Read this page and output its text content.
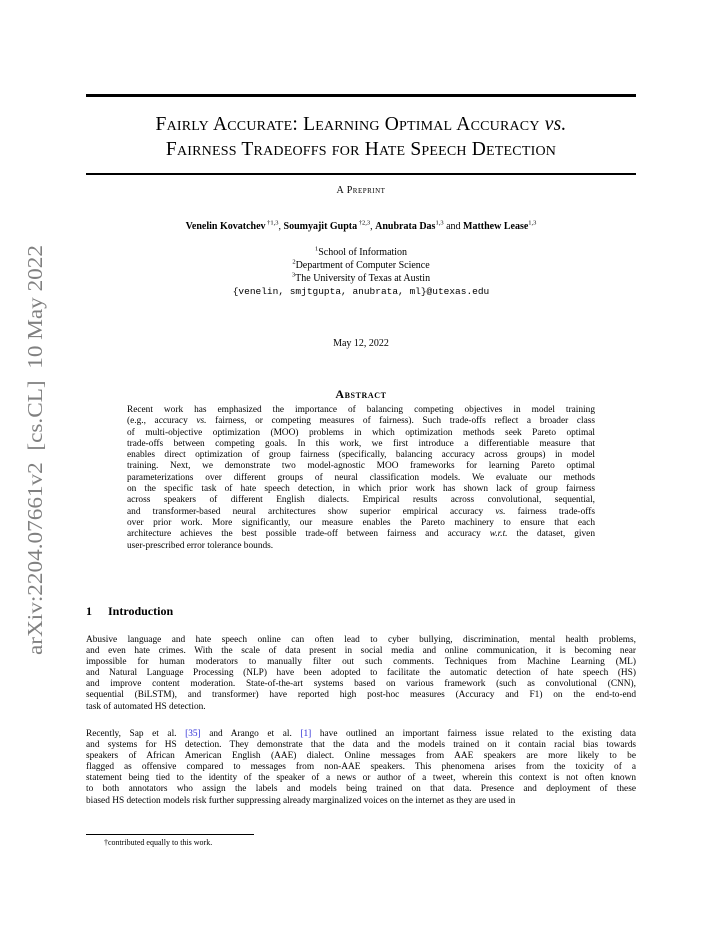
arXiv:2204.07661v2  [cs.CL]  10 May 2022
Fairly Accurate: Learning Optimal Accuracy vs.
Fairness Tradeoffs for Hate Speech Detection
A Preprint
Venelin Kovatchev $^{\dagger 1,3}$, Soumyajit Gupta $^{\dagger 2,3}$, Anubrata Das$^{1,3}$ and Matthew Lease$^{1,3}$
$^1$School of Information
$^2$Department of Computer Science
$^3$The University of Texas at Austin
{venelin, smjtgupta, anubrata, ml}@utexas.edu
May 12, 2022
Abstract
Recent work has emphasized the importance of balancing competing objectives in model training
(e.g., accuracy vs. fairness, or competing measures of fairness). Such trade-offs reflect a broader class
of multi-objective optimization (MOO) problems in which optimization methods seek Pareto optimal
trade-offs between competing goals. In this work, we first introduce a differentiable measure that
enables direct optimization of group fairness (specifically, balancing accuracy across groups) in model
training. Next, we demonstrate two model-agnostic MOO frameworks for learning Pareto optimal
parameterizations over different groups of neural classification models. We evaluate our methods
on the specific task of hate speech detection, in which prior work has shown lack of group fairness
across speakers of different English dialects. Empirical results across convolutional, sequential,
and transformer-based neural architectures show superior empirical accuracy vs. fairness trade-offs
over prior work. More significantly, our measure enables the Pareto machinery to ensure that each
architecture achieves the best possible trade-off between fairness and accuracy w.r.t. the dataset, given
user-prescribed error tolerance bounds.
1 Introduction
Abusive language and hate speech online can often lead to cyber bullying, discrimination, mental health problems,
and even hate crimes. With the scale of data present in social media and online communication, it is becoming near
impossible for human moderators to manually filter out such comments. Techniques from Machine Learning (ML)
and Natural Language Processing (NLP) have been adopted to facilitate the automatic detection of hate speech (HS)
and improve content moderation. State-of-the-art systems based on various framework (such as convolutional (CNN),
sequential (BiLSTM), and transformer) have reported high post-hoc measures (Accuracy and F1) on the end-to-end
task of automated HS detection.
Recently, Sap et al. [35] and Arango et al. [1] have outlined an important fairness issue related to the existing data
and systems for HS detection. They demonstrate that the data and the models trained on it contain racial bias towards
speakers of African American English (AAE) dialect. Online messages from AAE speakers are more likely to be
flagged as offensive compared to messages from non-AAE speakers. This phenomena arises from the toxicity of a
statement being tied to the identity of the speaker of a news or author of a tweet, wherein this context is not often known
to both annotators who assign the labels and models being trained on that data. Presence and deployment of these
biased HS detection models risk further suppressing already marginalized voices on the internet as they are used in
†contributed equally to this work.
